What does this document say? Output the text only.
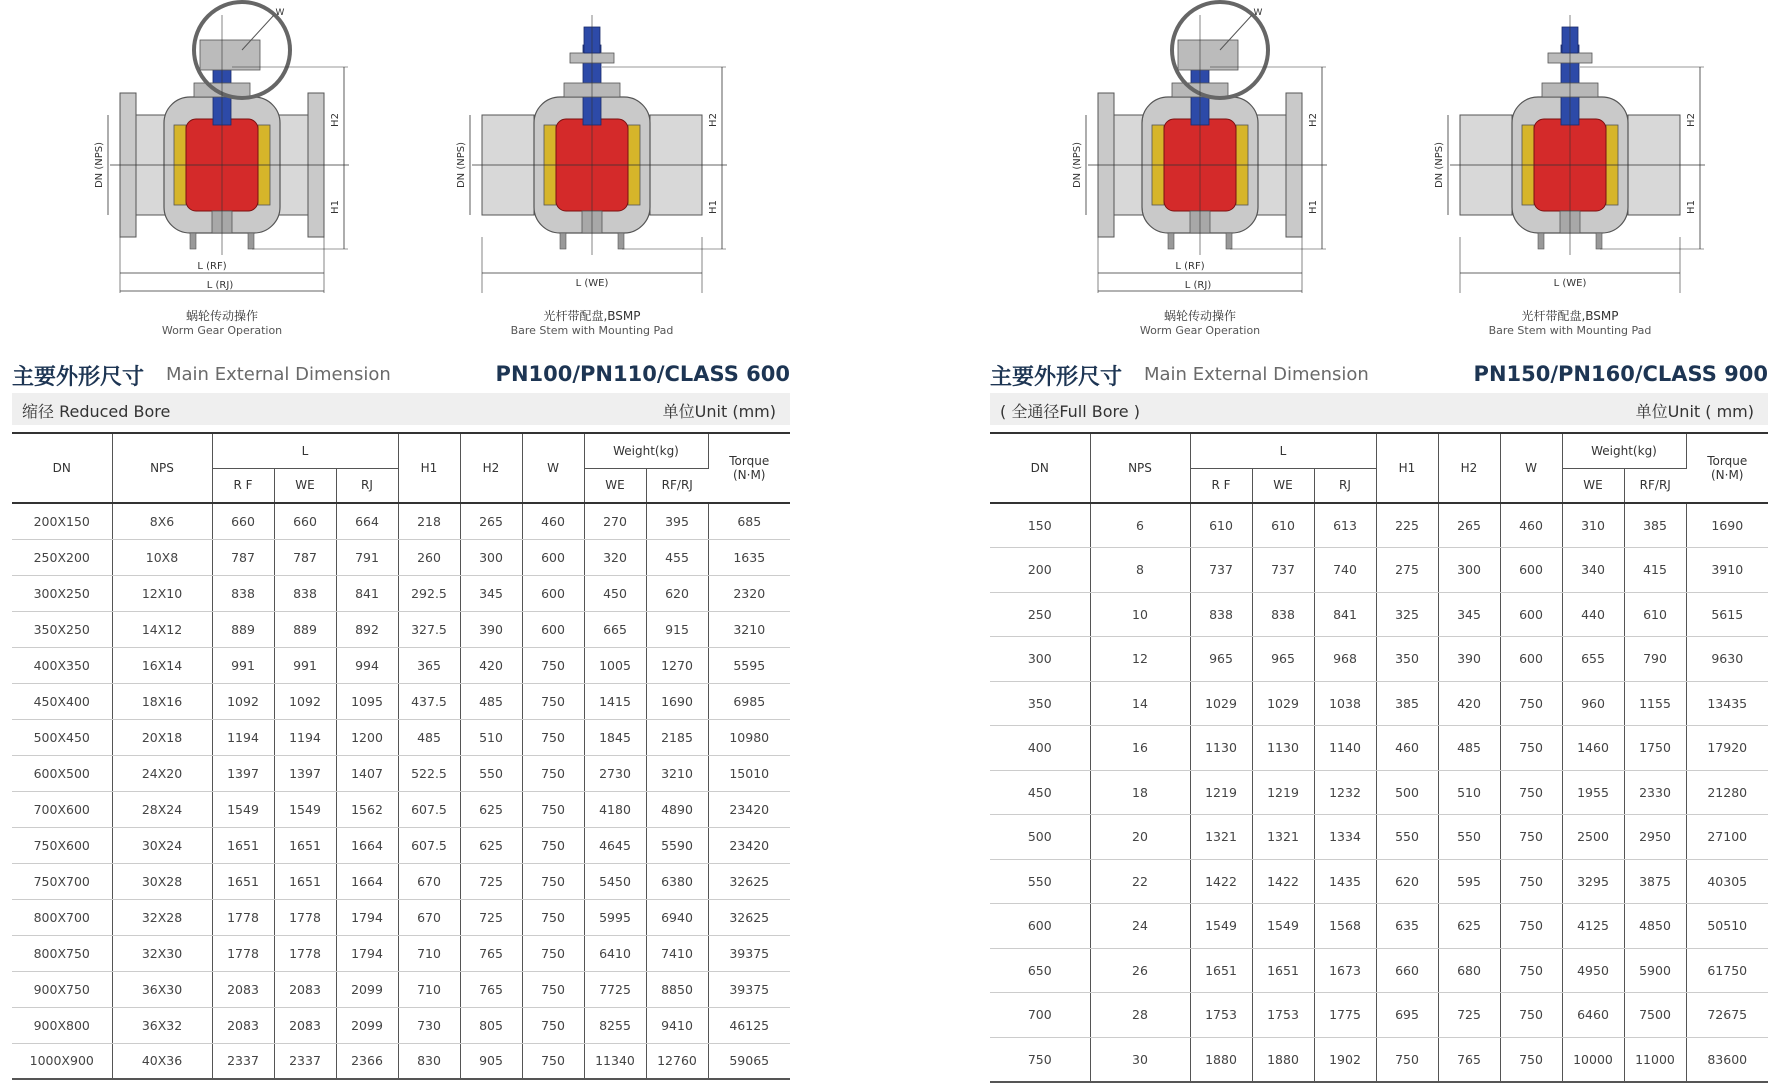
W
H2
H1
DN (NPS)
L (RF)
L (RJ)
H2
H1
DN (NPS)
L (WE)
蜗轮传动操作
Worm Gear Operation
光杆带配盘,BSMP
Bare Stem with Mounting Pad
主要外形尺寸 Main External Dimension	PN100/PN110/CLASS 600
缩径 Reduced Bore	单位Unit (mm)
DN	NPS	L			H1	H2	W	Weight(kg)		Torque
(N·M)

		R F	WE	RJ				WE	RF/RJ	
200X150	8X6	660	660	664	218	265	460	270	395	685
250X200	10X8	787	787	791	260	300	600	320	455	1635
300X250	12X10	838	838	841	292.5	345	600	450	620	2320
350X250	14X12	889	889	892	327.5	390	600	665	915	3210
400X350	16X14	991	991	994	365	420	750	1005	1270	5595
450X400	18X16	1092	1092	1095	437.5	485	750	1415	1690	6985
500X450	20X18	1194	1194	1200	485	510	750	1845	2185	10980
600X500	24X20	1397	1397	1407	522.5	550	750	2730	3210	15010
700X600	28X24	1549	1549	1562	607.5	625	750	4180	4890	23420
750X600	30X24	1651	1651	1664	607.5	625	750	4645	5590	23420
750X700	30X28	1651	1651	1664	670	725	750	5450	6380	32625
800X700	32X28	1778	1778	1794	670	725	750	5995	6940	32625
800X750	32X30	1778	1778	1794	710	765	750	6410	7410	39375
900X750	36X30	2083	2083	2099	710	765	750	7725	8850	39375
900X800	36X32	2083	2083	2099	730	805	750	8255	9410	46125
1000X900	40X36	2337	2337	2366	830	905	750	11340	12760	59065
W
H2
H1
DN (NPS)
L (RF)
L (RJ)
H2
H1
DN (NPS)
L (WE)
蜗轮传动操作
Worm Gear Operation
光杆带配盘,BSMP
Bare Stem with Mounting Pad
主要外形尺寸 Main External Dimension	PN150/PN160/CLASS 900
( 全通径Full Bore )	单位Unit ( mm)
DN	NPS	L			H1	H2	W	Weight(kg)		Torque
(N·M)

		R F	WE	RJ				WE	RF/RJ	
150	6	610	610	613	225	265	460	310	385	1690
200	8	737	737	740	275	300	600	340	415	3910
250	10	838	838	841	325	345	600	440	610	5615
300	12	965	965	968	350	390	600	655	790	9630
350	14	1029	1029	1038	385	420	750	960	1155	13435
400	16	1130	1130	1140	460	485	750	1460	1750	17920
450	18	1219	1219	1232	500	510	750	1955	2330	21280
500	20	1321	1321	1334	550	550	750	2500	2950	27100
550	22	1422	1422	1435	620	595	750	3295	3875	40305
600	24	1549	1549	1568	635	625	750	4125	4850	50510
650	26	1651	1651	1673	660	680	750	4950	5900	61750
700	28	1753	1753	1775	695	725	750	6460	7500	72675
750	30	1880	1880	1902	750	765	750	10000	11000	83600
